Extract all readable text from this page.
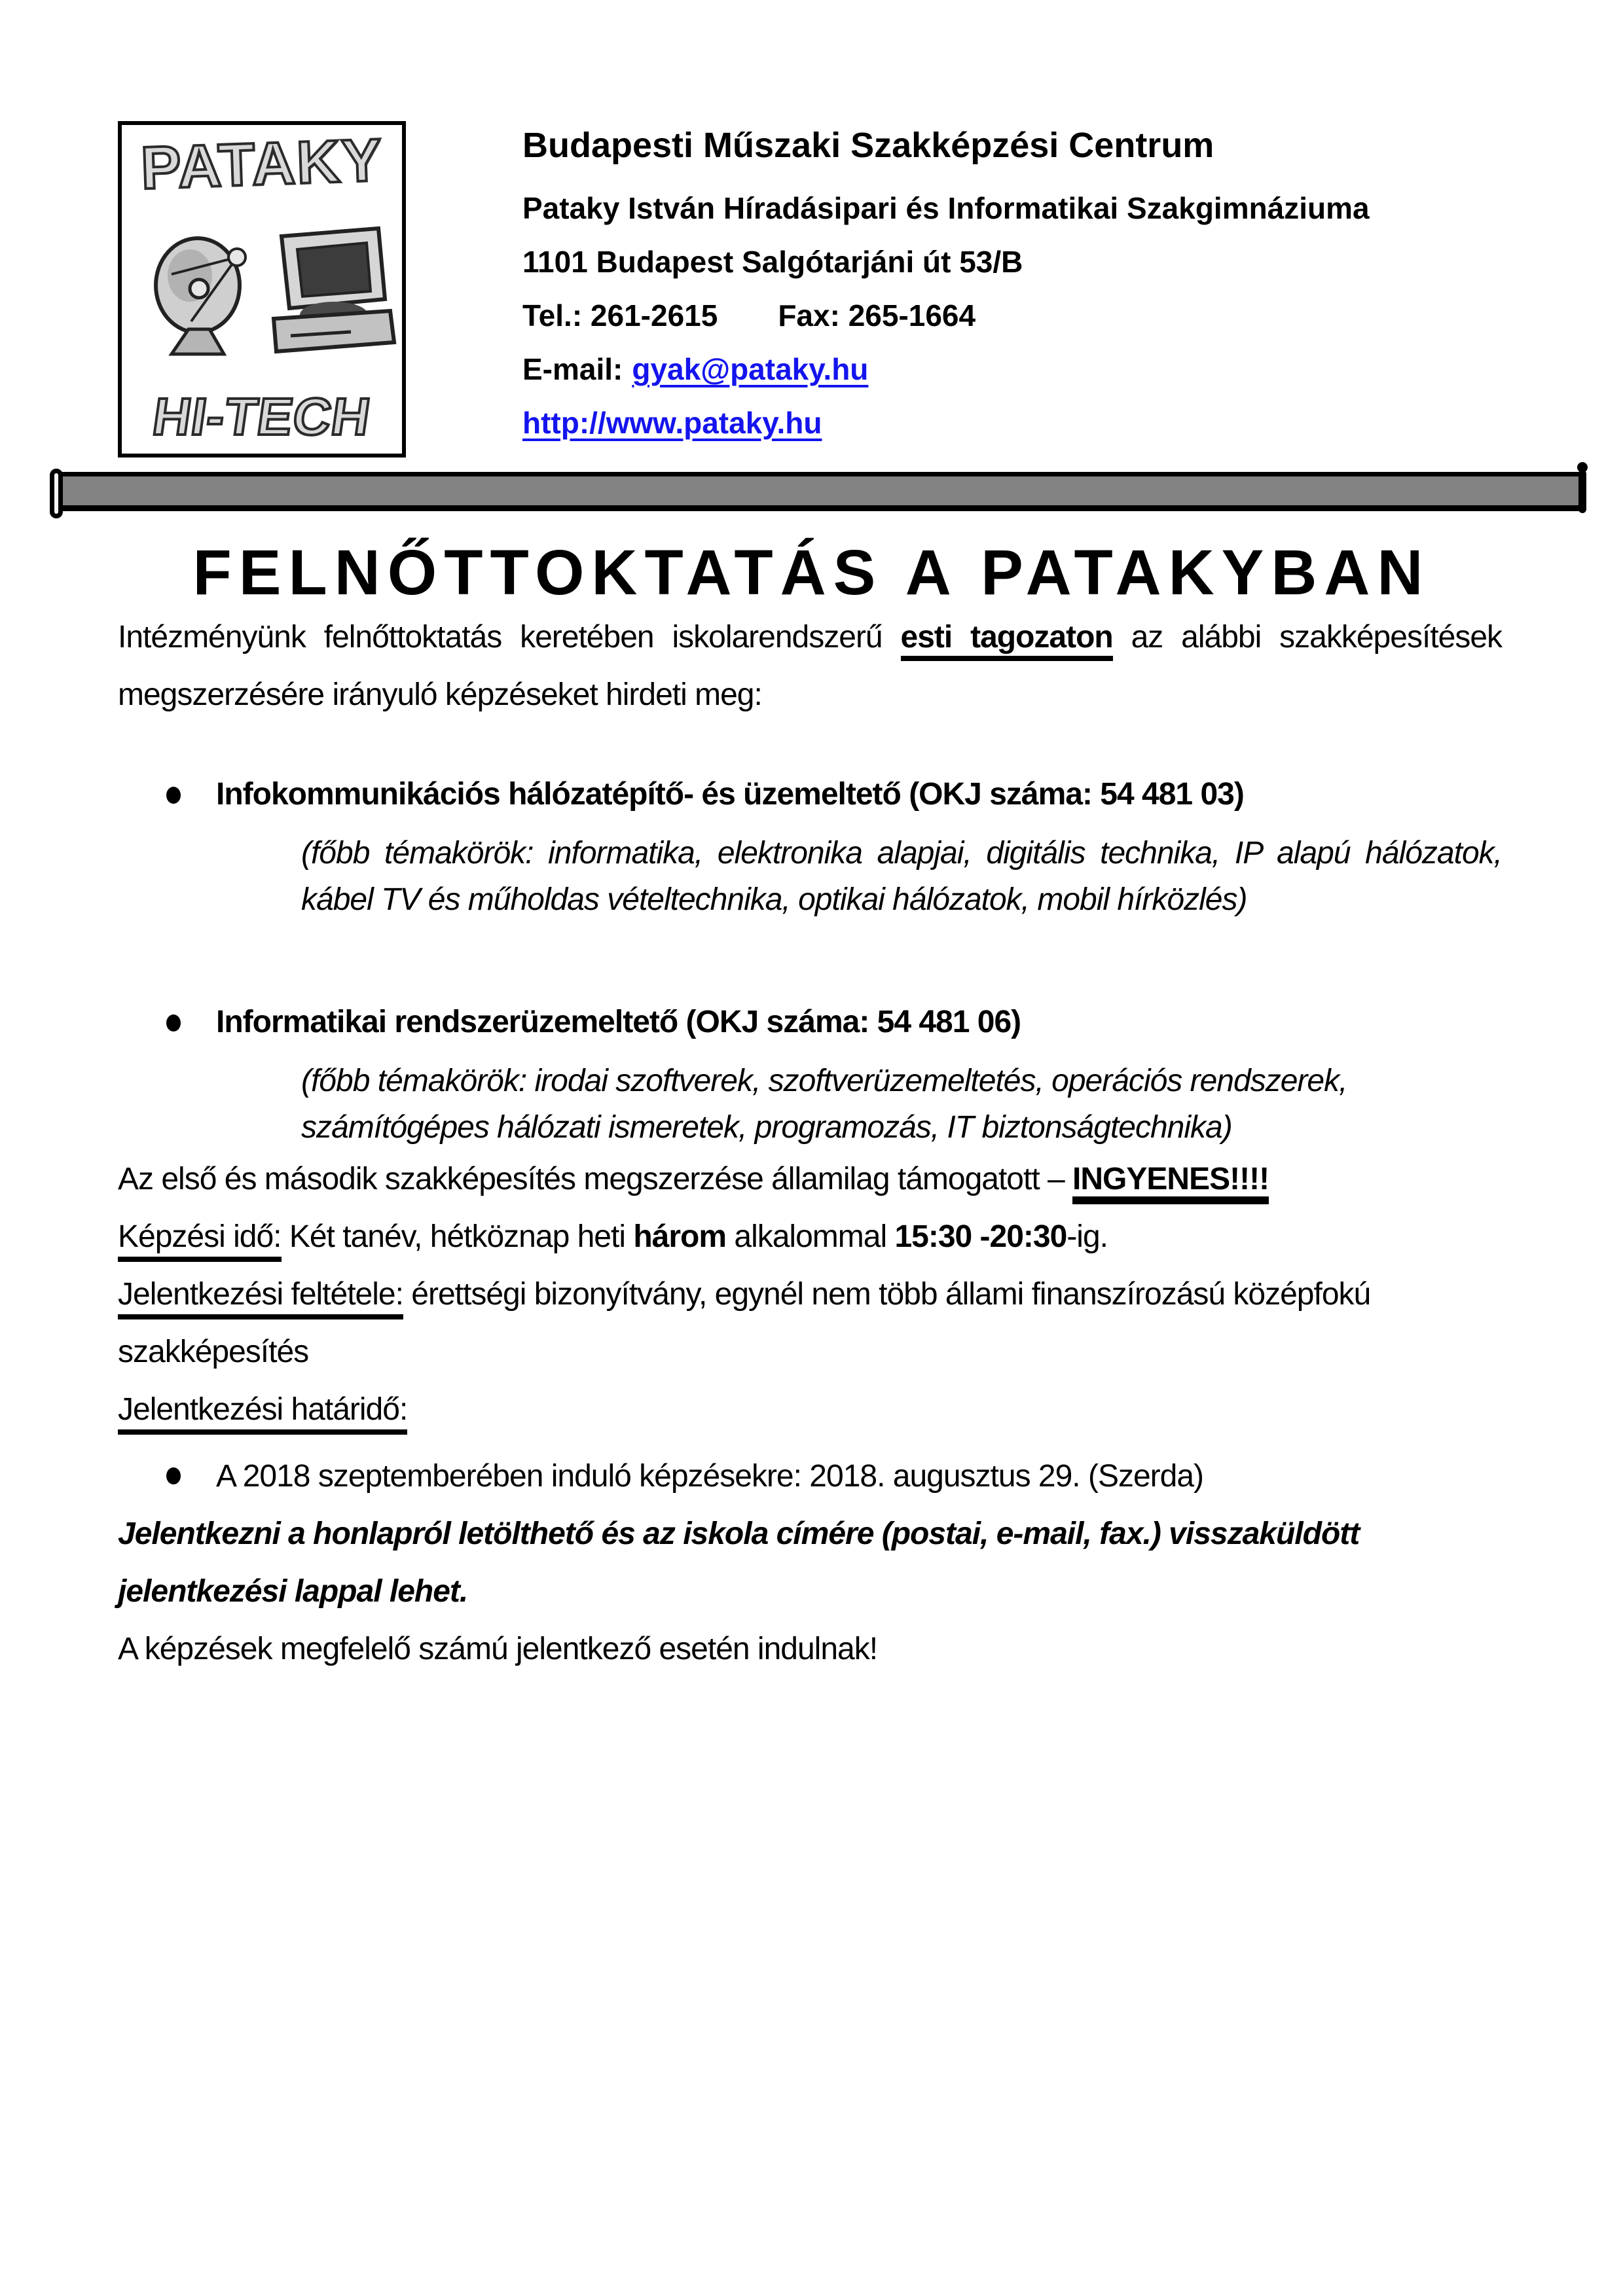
PATAKY
HI-TECH
Budapesti Műszaki Szakképzési Centrum
Pataky István Híradásipari és Informatikai Szakgimnáziuma
1101 Budapest Salgótarjáni út 53/B
Tel.: 261-2615 Fax: 265-1664
E-mail: gyak@pataky.hu
http://www.pataky.hu
FELNŐTTOKTATÁS A PATAKYBAN

Intézményünk felnőttoktatás keretében iskolarendszerű esti tagozaton az alábbi szakképesítések megszerzésére irányuló képzéseket hirdeti meg:

Infokommunikációs hálózatépítő- és üzemeltető (OKJ száma: 54 481 03)
(főbb témakörök: informatika, elektronika alapjai, digitális technika, IP alapú hálózatok, kábel TV és műholdas vételtechnika, optikai hálózatok, mobil hírközlés)
Informatikai rendszerüzemeltető (OKJ száma: 54 481 06)
(főbb témakörök: irodai szoftverek, szoftverüzemeltetés, operációs rendszerek, számítógépes hálózati ismeretek, programozás, IT biztonságtechnika)

Az első és második szakképesítés megszerzése államilag támogatott – INGYENES!!!!

Képzési idő: Két tanév, hétköznap heti három alkalommal 15:30 -20:30-ig.

Jelentkezési feltétele: érettségi bizonyítvány, egynél nem több állami finanszírozású középfokú szakképesítés

Jelentkezési határidő:

A 2018 szeptemberében induló képzésekre: 2018. augusztus 29. (Szerda)

Jelentkezni a honlapról letölthető és az iskola címére (postai, e-mail, fax.) visszaküldött jelentkezési lappal lehet.

A képzések megfelelő számú jelentkező esetén indulnak!
